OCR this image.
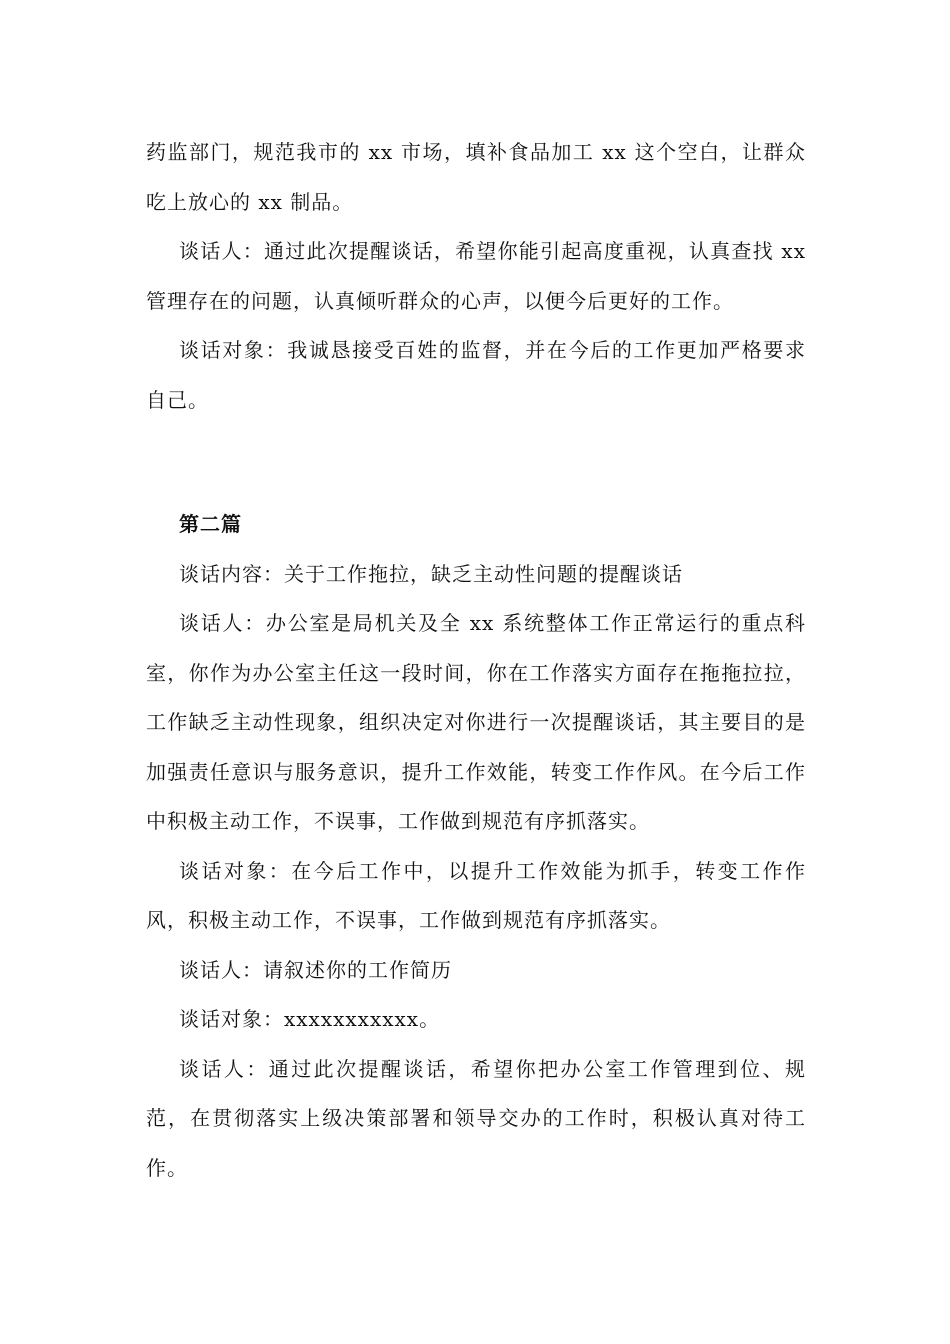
药监部门，规范我市的 xx 市场，填补食品加工 xx 这个空白，让群众吃上放心的 xx 制品。

谈话人：通过此次提醒谈话，希望你能引起高度重视，认真查找 xx 管理存在的问题，认真倾听群众的心声，以便今后更好的工作。

谈话对象：我诚恳接受百姓的监督，并在今后的工作更加严格要求自己。

第二篇

谈话内容：关于工作拖拉，缺乏主动性问题的提醒谈话

谈话人：办公室是局机关及全 xx 系统整体工作正常运行的重点科室，你作为办公室主任这一段时间，你在工作落实方面存在拖拖拉拉，工作缺乏主动性现象，组织决定对你进行一次提醒谈话，其主要目的是加强责任意识与服务意识，提升工作效能，转变工作作风。在今后工作中积极主动工作，不误事，工作做到规范有序抓落实。

谈话对象：在今后工作中，以提升工作效能为抓手，转变工作作风，积极主动工作，不误事，工作做到规范有序抓落实。

谈话人：请叙述你的工作简历

谈话对象：xxxxxxxxxxx。

谈话人：通过此次提醒谈话，希望你把办公室工作管理到位、规范，在贯彻落实上级决策部署和领导交办的工作时，积极认真对待工作。
